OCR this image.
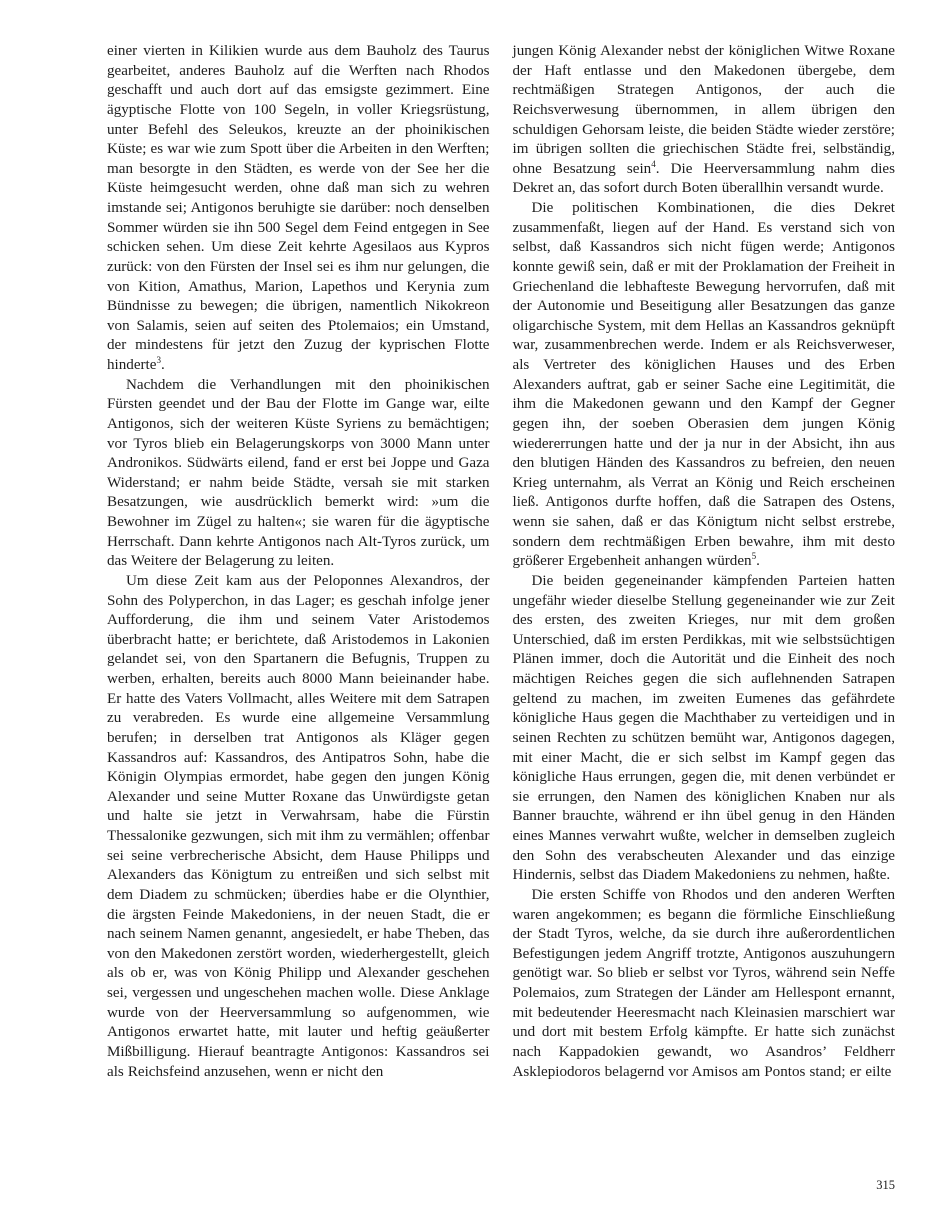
einer vierten in Kilikien wurde aus dem Bauholz des Taurus gearbeitet, anderes Bauholz auf die Werften nach Rhodos geschafft und auch dort auf das emsigste gezimmert. Eine ägyptische Flotte von 100 Segeln, in voller Kriegsrüstung, unter Befehl des Seleukos, kreuzte an der phoinikischen Küste; es war wie zum Spott über die Arbeiten in den Werften; man besorgte in den Städten, es werde von der See her die Küste heimgesucht werden, ohne daß man sich zu wehren imstande sei; Antigonos beruhigte sie darüber: noch denselben Sommer würden sie ihn 500 Segel dem Feind entgegen in See schicken sehen. Um diese Zeit kehrte Agesilaos aus Kypros zurück: von den Fürsten der Insel sei es ihm nur gelungen, die von Kition, Amathus, Marion, Lapethos und Kerynia zum Bündnisse zu bewegen; die übrigen, namentlich Nikokreon von Salamis, seien auf seiten des Ptolemaios; ein Umstand, der mindestens für jetzt den Zuzug der kyprischen Flotte hinderte$^3$.

Nachdem die Verhandlungen mit den phoinikischen Fürsten geendet und der Bau der Flotte im Gange war, eilte Antigonos, sich der weiteren Küste Syriens zu bemächtigen; vor Tyros blieb ein Belagerungskorps von 3000 Mann unter Andronikos. Südwärts eilend, fand er erst bei Joppe und Gaza Widerstand; er nahm beide Städte, versah sie mit starken Besatzungen, wie ausdrücklich bemerkt wird: »um die Bewohner im Zügel zu halten«; sie waren für die ägyptische Herrschaft. Dann kehrte Antigonos nach Alt-Tyros zurück, um das Weitere der Belagerung zu leiten.

Um diese Zeit kam aus der Peloponnes Alexandros, der Sohn des Polyperchon, in das Lager; es geschah infolge jener Aufforderung, die ihm und seinem Vater Aristodemos überbracht hatte; er berichtete, daß Aristodemos in Lakonien gelandet sei, von den Spartanern die Befugnis, Truppen zu werben, erhalten, bereits auch 8000 Mann beieinander habe. Er hatte des Vaters Vollmacht, alles Weitere mit dem Satrapen zu verabreden. Es wurde eine allgemeine Versammlung berufen; in derselben trat Antigonos als Kläger gegen Kassandros auf: Kassandros, des Antipatros Sohn, habe die Königin Olympias ermordet, habe gegen den jungen König Alexander und seine Mutter Roxane das Unwürdigste getan und halte sie jetzt in Verwahrsam, habe die Fürstin Thessalonike gezwungen, sich mit ihm zu vermählen; offenbar sei seine verbrecherische Absicht, dem Hause Philipps und Alexanders das Königtum zu entreißen und sich selbst mit dem Diadem zu schmücken; überdies habe er die Olynthier, die ärgsten Feinde Makedoniens, in der neuen Stadt, die er nach seinem Namen genannt, angesiedelt, er habe Theben, das von den Makedonen zerstört worden, wiederhergestellt, gleich als ob er, was von König Philipp und Alexander geschehen sei, vergessen und ungeschehen machen wolle. Diese Anklage wurde von der Heerversammlung so aufgenommen, wie Antigonos erwartet hatte, mit lauter und heftig geäußerter Mißbilligung. Hierauf beantragte Antigonos: Kassandros sei als Reichsfeind anzusehen, wenn er nicht den

jungen König Alexander nebst der königlichen Witwe Roxane der Haft entlasse und den Makedonen übergebe, dem rechtmäßigen Strategen Antigonos, der auch die Reichsverwesung übernommen, in allem übrigen den schuldigen Gehorsam leiste, die beiden Städte wieder zerstöre; im übrigen sollten die griechischen Städte frei, selbständig, ohne Besatzung sein$^4$. Die Heerversammlung nahm dies Dekret an, das sofort durch Boten überallhin versandt wurde.

Die politischen Kombinationen, die dies Dekret zusammenfaßt, liegen auf der Hand. Es verstand sich von selbst, daß Kassandros sich nicht fügen werde; Antigonos konnte gewiß sein, daß er mit der Proklamation der Freiheit in Griechenland die lebhafteste Bewegung hervorrufen, daß mit der Autonomie und Beseitigung aller Besatzungen das ganze oligarchische System, mit dem Hellas an Kassandros geknüpft war, zusammenbrechen werde. Indem er als Reichsverweser, als Vertreter des königlichen Hauses und des Erben Alexanders auftrat, gab er seiner Sache eine Legitimität, die ihm die Makedonen gewann und den Kampf der Gegner gegen ihn, der soeben Oberasien dem jungen König wiedererrungen hatte und der ja nur in der Absicht, ihn aus den blutigen Händen des Kassandros zu befreien, den neuen Krieg unternahm, als Verrat an König und Reich erscheinen ließ. Antigonos durfte hoffen, daß die Satrapen des Ostens, wenn sie sahen, daß er das Königtum nicht selbst erstrebe, sondern dem rechtmäßigen Erben bewahre, ihm mit desto größerer Ergebenheit anhangen würden$^5$.

Die beiden gegeneinander kämpfenden Parteien hatten ungefähr wieder dieselbe Stellung gegeneinander wie zur Zeit des ersten, des zweiten Krieges, nur mit dem großen Unterschied, daß im ersten Perdikkas, mit wie selbstsüchtigen Plänen immer, doch die Autorität und die Einheit des noch mächtigen Reiches gegen die sich auflehnenden Satrapen geltend zu machen, im zweiten Eumenes das gefährdete königliche Haus gegen die Machthaber zu verteidigen und in seinen Rechten zu schützen bemüht war, Antigonos dagegen, mit einer Macht, die er sich selbst im Kampf gegen das königliche Haus errungen, gegen die, mit denen verbündet er sie errungen, den Namen des königlichen Knaben nur als Banner brauchte, während er ihn übel genug in den Händen eines Mannes verwahrt wußte, welcher in demselben zugleich den Sohn des verabscheuten Alexander und das einzige Hindernis, selbst das Diadem Makedoniens zu nehmen, haßte.

Die ersten Schiffe von Rhodos und den anderen Werften waren angekommen; es begann die förmliche Einschließung der Stadt Tyros, welche, da sie durch ihre außerordentlichen Befestigungen jedem Angriff trotzte, Antigonos auszuhungern genötigt war. So blieb er selbst vor Tyros, während sein Neffe Polemaios, zum Strategen der Länder am Hellespont ernannt, mit bedeutender Heeresmacht nach Kleinasien marschiert war und dort mit bestem Erfolg kämpfte. Er hatte sich zunächst nach Kappadokien gewandt, wo Asandros’ Feldherr Asklepiodoros belagernd vor Amisos am Pontos stand; er eilte

315
